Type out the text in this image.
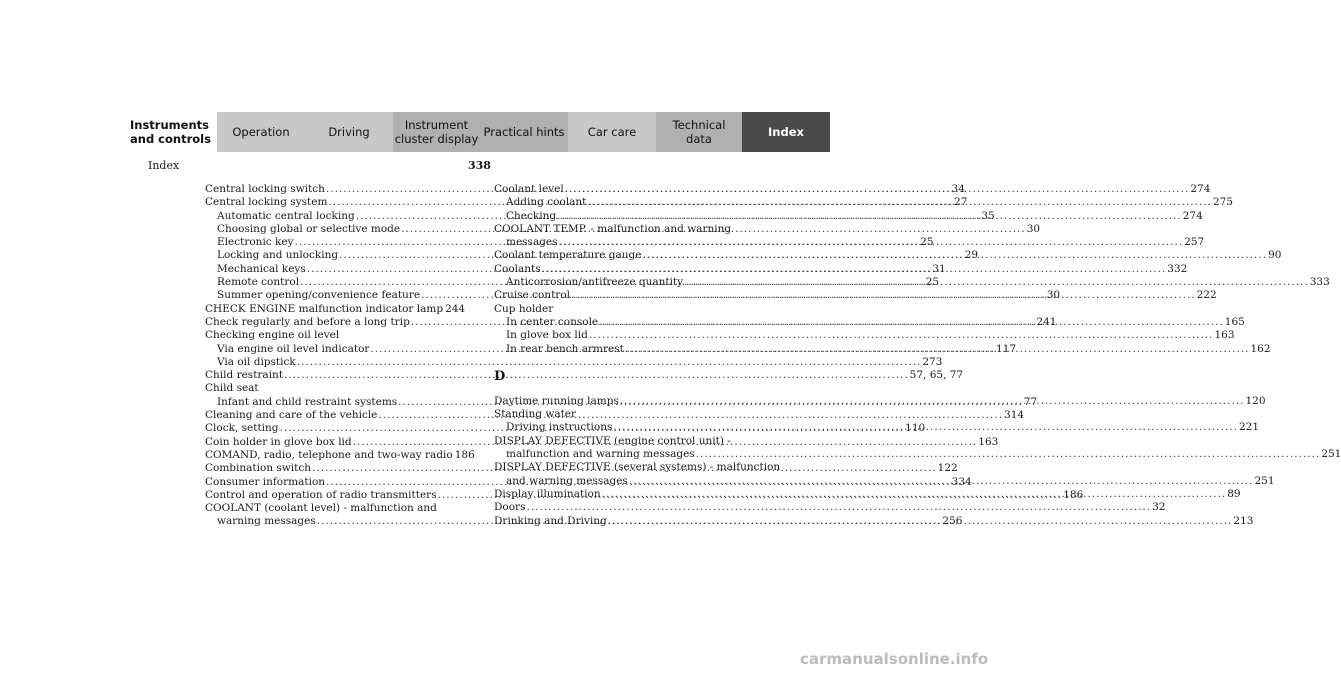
Instruments
and controls Operation	Driving	Instrument
cluster display Practical hints Car care	Technical
data	Index
Index	338
Central locking switch .....	34
Central locking system .....	27
Automatic central locking .....	35
Choosing global or selective mode .....	30
Electronic key .....	25
Locking and unlocking .....	29
Mechanical keys .....	31
Remote control .....	25
Summer opening/convenience feature .....	30
CHECK ENGINE malfunction indicator lamp 244
Check regularly and before a long trip .....	241
Checking engine oil level
Via engine oil level indicator .....	117
Via oil dipstick .....	273
Child restraint .....	57, 65, 77
Child seat
Infant and child restraint systems .....	77
Cleaning and care of the vehicle .....	314
Clock, setting .....	110
Coin holder in glove box lid .....	163
COMAND, radio, telephone and two-way radio 186
Combination switch .....	122
Consumer information .....	334
Control and operation of radio transmitters .....	186
COOLANT (coolant level) - malfunction and
warning messages .....	256
Coolant level .....	274
Adding coolant .....	275
Checking .....	274
COOLANT TEMP. - malfunction and warning
messages .....	257
Coolant temperature gauge .....	90
Coolants .....	332
Anticorrosion/antifreeze quantity .....	333
Cruise control .....	222
Cup holder
In center console .....	165
In glove box lid .....	163
In rear bench armrest .....	162
D
Daytime running lamps .....	120
Standing water
Driving instructions .....	221
DISPLAY DEFECTIVE (engine control unit) -
malfunction and warning messages .....	251
DISPLAY DEFECTIVE (several systems) - malfunction
and warning messages .....	251
Display illumination .....	89
Doors .....	32
Drinking and Driving .....	213
carmanualsonline.info
